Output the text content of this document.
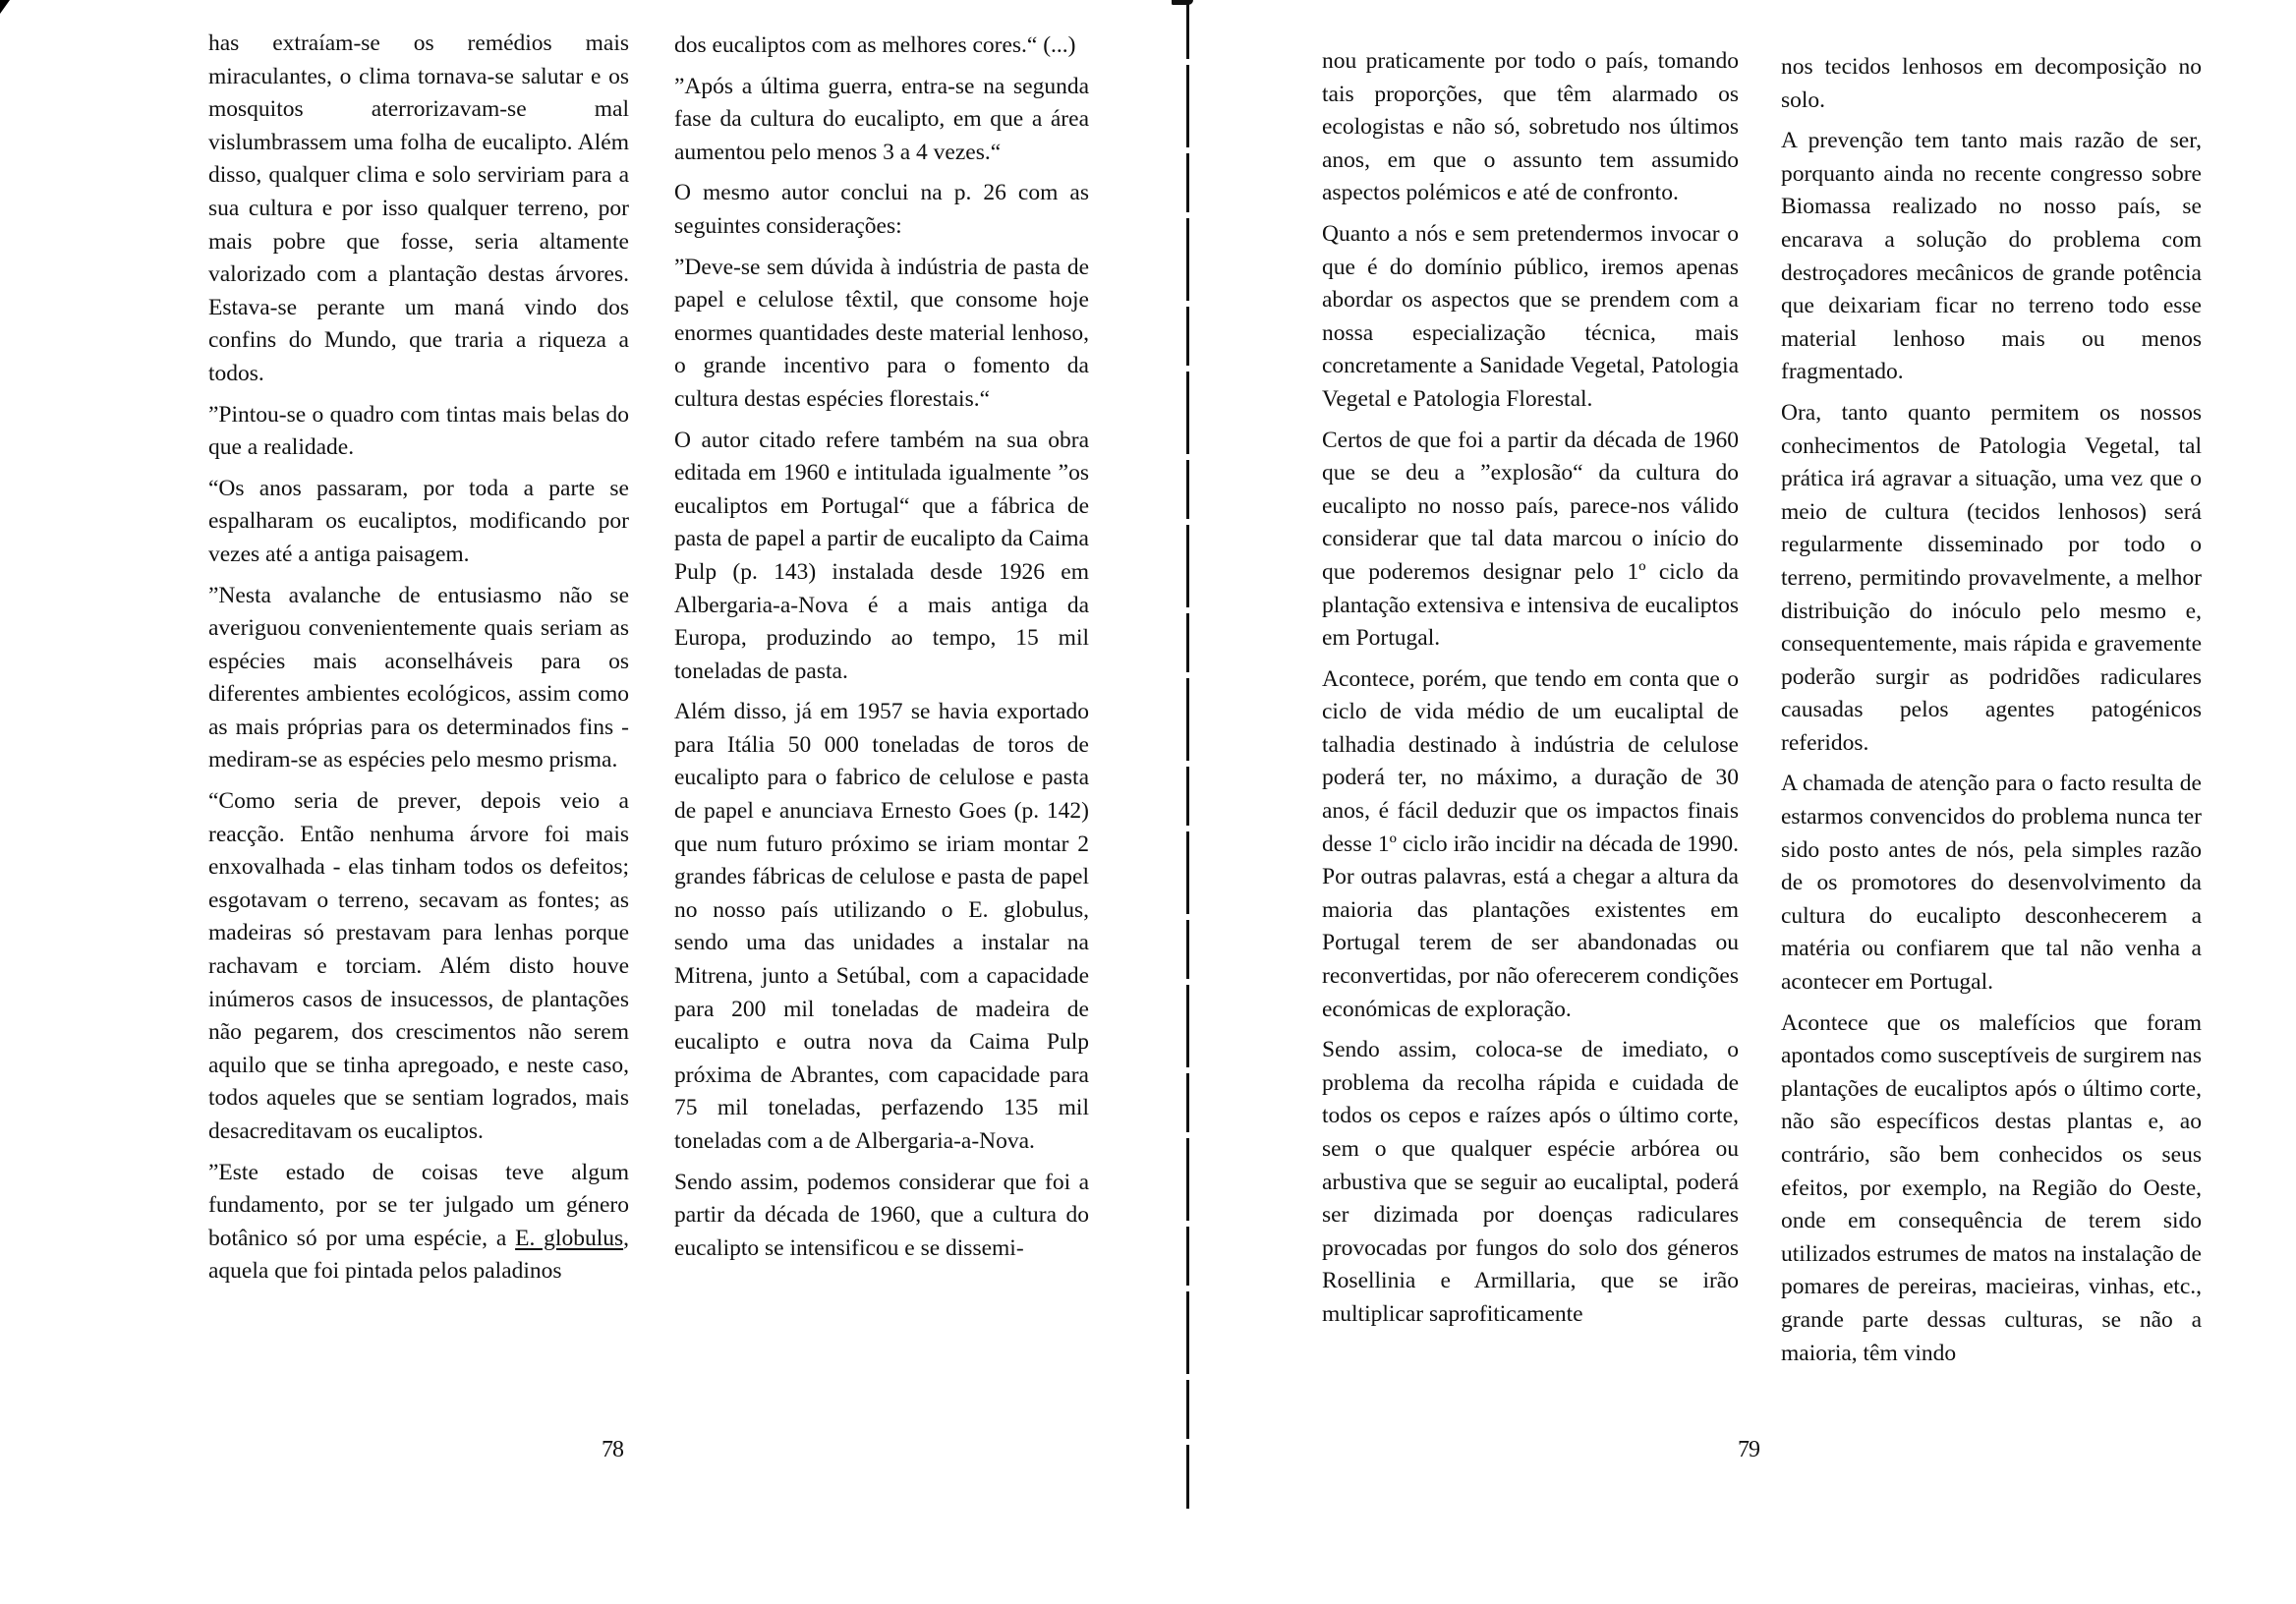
has extraíam-se os remédios mais miraculantes, o clima tornava-se salutar e os mosquitos aterrorizavam-se mal vislumbrassem uma folha de eucalipto. Além disso, qualquer clima e solo serviriam para a sua cultura e por isso qualquer terreno, por mais pobre que fosse, seria altamente valorizado com a plantação destas árvores. Estava-se perante um maná vindo dos confins do Mundo, que traria a riqueza a todos.

”Pintou-se o quadro com tintas mais belas do que a realidade.

“Os anos passaram, por toda a parte se espalharam os eucaliptos, modificando por vezes até a antiga paisagem.

”Nesta avalanche de entusiasmo não se averiguou convenientemente quais seriam as espécies mais aconselháveis para os diferentes ambientes ecológicos, assim como as mais próprias para os determinados fins - mediram-se as espécies pelo mesmo prisma.

“Como seria de prever, depois veio a reacção. Então nenhuma árvore foi mais enxovalhada - elas tinham todos os defeitos; esgotavam o terreno, secavam as fontes; as madeiras só prestavam para lenhas porque rachavam e torciam. Além disto houve inúmeros casos de insucessos, de plantações não pegarem, dos crescimentos não serem aquilo que se tinha apregoado, e neste caso, todos aqueles que se sentiam logrados, mais desacreditavam os eucaliptos.

”Este estado de coisas teve algum fundamento, por se ter julgado um género botânico só por uma espécie, a E. globulus, aquela que foi pintada pelos paladinos

dos eucaliptos com as melhores cores.“ (...)

”Após a última guerra, entra-se na segunda fase da cultura do eucalipto, em que a área aumentou pelo menos 3 a 4 vezes.“

O mesmo autor conclui na p. 26 com as seguintes considerações:

”Deve-se sem dúvida à indústria de pasta de papel e celulose têxtil, que consome hoje enormes quantidades deste material lenhoso, o grande incentivo para o fomento da cultura destas espécies florestais.“

O autor citado refere também na sua obra editada em 1960 e intitulada igualmente ”os eucaliptos em Portugal“ que a fábrica de pasta de papel a partir de eucalipto da Caima Pulp (p. 143) instalada desde 1926 em Albergaria-a-Nova é a mais antiga da Europa, produzindo ao tempo, 15 mil toneladas de pasta.

Além disso, já em 1957 se havia exportado para Itália 50 000 toneladas de toros de eucalipto para o fabrico de celulose e pasta de papel e anunciava Ernesto Goes (p. 142) que num futuro próximo se iriam montar 2 grandes fábricas de celulose e pasta de papel no nosso país utilizando o E. globulus, sendo uma das unidades a instalar na Mitrena, junto a Setúbal, com a capacidade para 200 mil toneladas de madeira de eucalipto e outra nova da Caima Pulp próxima de Abrantes, com capacidade para 75 mil toneladas, perfazendo 135 mil toneladas com a de Albergaria-a-Nova.

Sendo assim, podemos considerar que foi a partir da década de 1960, que a cultura do eucalipto se intensificou e se dissemi-

78

nou praticamente por todo o país, tomando tais proporções, que têm alarmado os ecologistas e não só, sobretudo nos últimos anos, em que o assunto tem assumido aspectos polémicos e até de confronto.

Quanto a nós e sem pretendermos invocar o que é do domínio público, iremos apenas abordar os aspectos que se prendem com a nossa especialização técnica, mais concretamente a Sanidade Vegetal, Patologia Vegetal e Patologia Florestal.

Certos de que foi a partir da década de 1960 que se deu a ”explosão“ da cultura do eucalipto no nosso país, parece-nos válido considerar que tal data marcou o início do que poderemos designar pelo 1º ciclo da plantação extensiva e intensiva de eucaliptos em Portugal.

Acontece, porém, que tendo em conta que o ciclo de vida médio de um eucaliptal de talhadia destinado à indústria de celulose poderá ter, no máximo, a duração de 30 anos, é fácil deduzir que os impactos finais desse 1º ciclo irão incidir na década de 1990. Por outras palavras, está a chegar a altura da maioria das plantações existentes em Portugal terem de ser abandonadas ou reconvertidas, por não oferecerem condições económicas de exploração.

Sendo assim, coloca-se de imediato, o problema da recolha rápida e cuidada de todos os cepos e raízes após o último corte, sem o que qualquer espécie arbórea ou arbustiva que se seguir ao eucaliptal, poderá ser dizimada por doenças radiculares provocadas por fungos do solo dos géneros Rosellinia e Armillaria, que se irão multiplicar saprofiticamente

nos tecidos lenhosos em decomposição no solo.

A prevenção tem tanto mais razão de ser, porquanto ainda no recente congresso sobre Biomassa realizado no nosso país, se encarava a solução do problema com destroçadores mecânicos de grande potência que deixariam ficar no terreno todo esse material lenhoso mais ou menos fragmentado.

Ora, tanto quanto permitem os nossos conhecimentos de Patologia Vegetal, tal prática irá agravar a situação, uma vez que o meio de cultura (tecidos lenhosos) será regularmente disseminado por todo o terreno, permitindo provavelmente, a melhor distribuição do inóculo pelo mesmo e, consequentemente, mais rápida e gravemente poderão surgir as podridões radiculares causadas pelos agentes patogénicos referidos.

A chamada de atenção para o facto resulta de estarmos convencidos do problema nunca ter sido posto antes de nós, pela simples razão de os promotores do desenvolvimento da cultura do eucalipto desconhecerem a matéria ou confiarem que tal não venha a acontecer em Portugal.

Acontece que os malefícios que foram apontados como susceptíveis de surgirem nas plantações de eucaliptos após o último corte, não são específicos destas plantas e, ao contrário, são bem conhecidos os seus efeitos, por exemplo, na Região do Oeste, onde em consequência de terem sido utilizados estrumes de matos na instalação de pomares de pereiras, macieiras, vinhas, etc., grande parte dessas culturas, se não a maioria, têm vindo

79
